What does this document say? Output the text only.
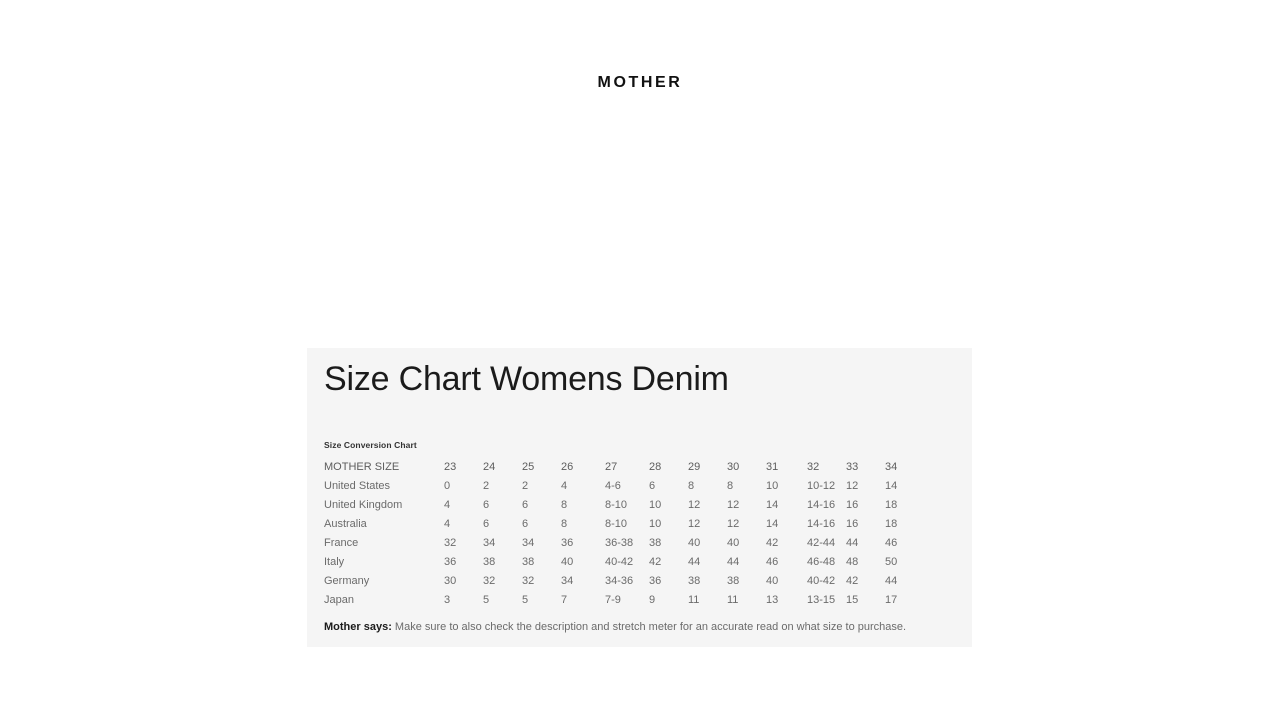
MOTHER
Size Chart Womens Denim
Size Conversion Chart
MOTHER SIZE	23	24	25	26	27	28	29	30	31	32	33	34
United States	0	2	2	4	4-6	6	8	8	10	10-12	12	14
United Kingdom	4	6	6	8	8-10	10	12	12	14	14-16	16	18
Australia	4	6	6	8	8-10	10	12	12	14	14-16	16	18
France	32	34	34	36	36-38	38	40	40	42	42-44	44	46
Italy	36	38	38	40	40-42	42	44	44	46	46-48	48	50
Germany	30	32	32	34	34-36	36	38	38	40	40-42	42	44
Japan	3	5	5	7	7-9	9	11	11	13	13-15	15	17
Mother says: Make sure to also check the description and stretch meter for an accurate read on what size to purchase.
